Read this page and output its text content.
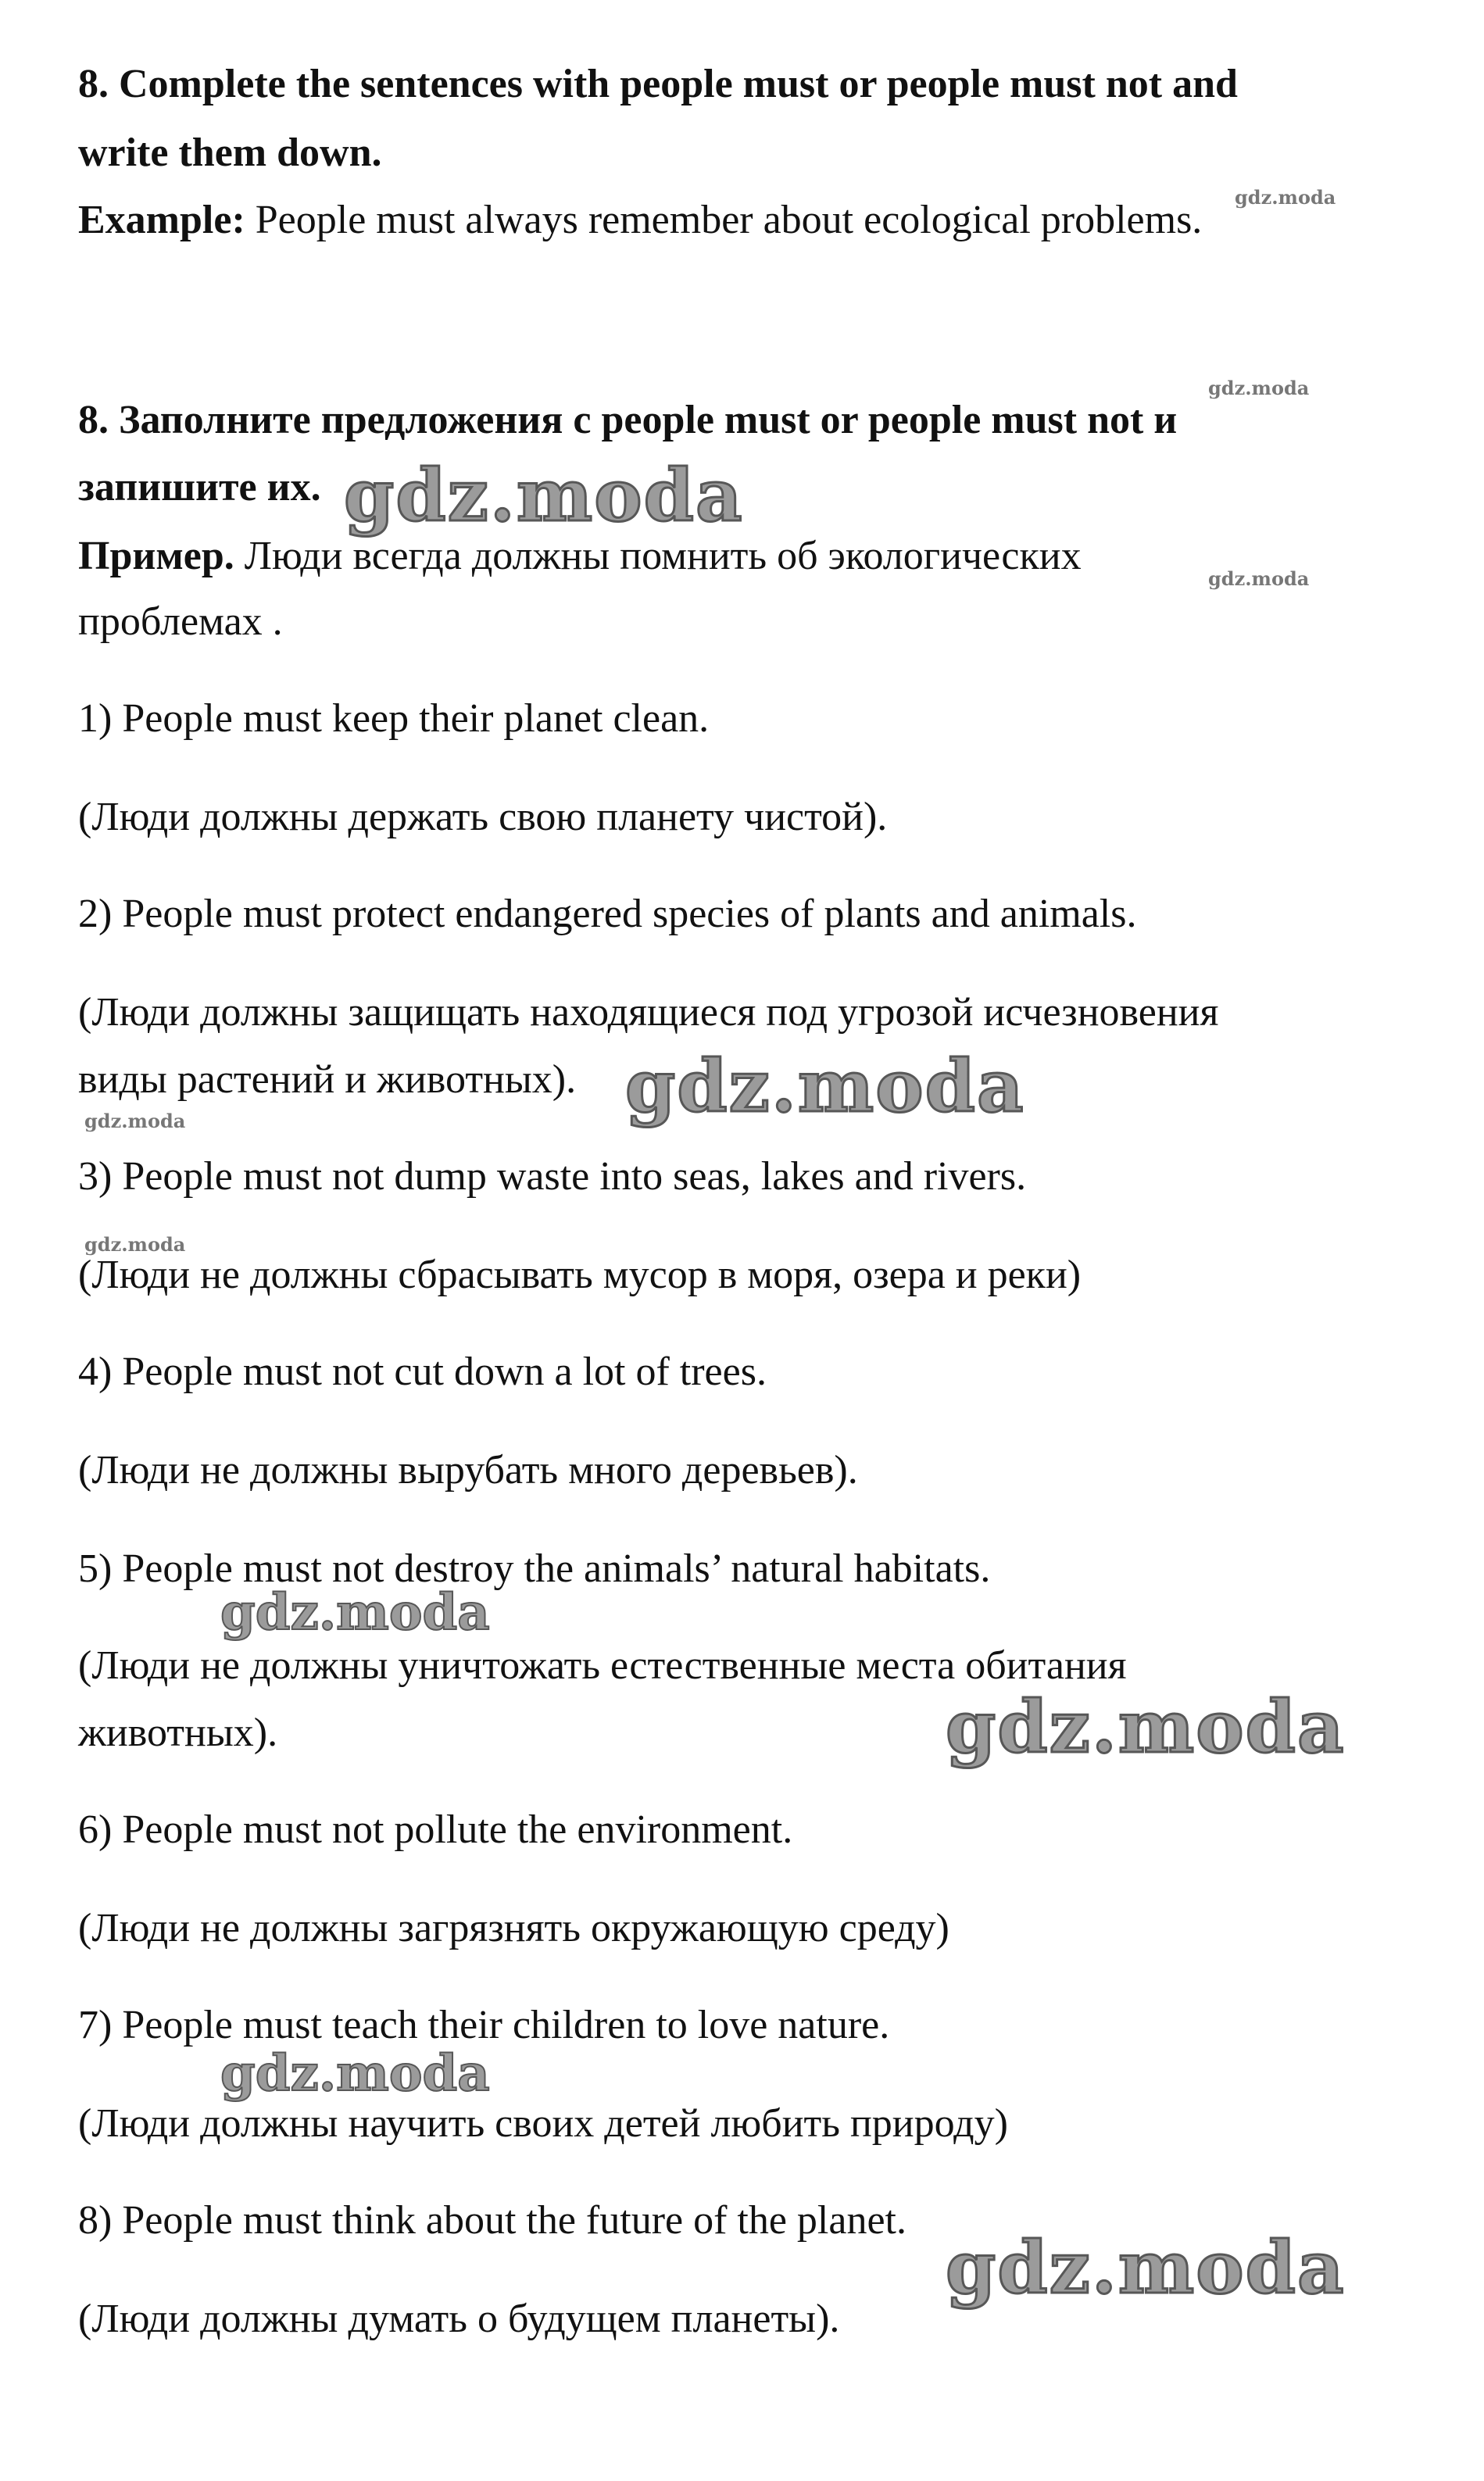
8. Complete the sentences with people must or people must not and
write them down.
Example: People must always remember about ecological problems.
8. Заполните предложения с people must or people must not и
запишите их.
Пример. Люди всегда должны помнить об экологических
проблемах .
1) People must keep their planet clean.
(Люди должны держать свою планету чистой).
2) People must protect endangered species of plants and animals.
(Люди должны защищать находящиеся под угрозой исчезновения
виды растений и животных).
3) People must not dump waste into seas, lakes and rivers.
(Люди не должны сбрасывать мусор в моря, озера и реки)
4) People must not cut down a lot of trees.
(Люди не должны вырубать много деревьев).
5) People must not destroy the animals’ natural habitats.
(Люди не должны уничтожать естественные места обитания
животных).
6) People must not pollute the environment.
(Люди не должны загрязнять окружающую среду)
7) People must teach their children to love nature.
(Люди должны научить своих детей любить природу)
8) People must think about the future of the planet.
(Люди должны думать о будущем планеты).
gdz.moda
gdz.moda
gdz.moda
gdz.moda
gdz.moda
gdz.moda
gdz.moda
gdz.moda
gdz.moda
gdz.moda
gdz.moda
